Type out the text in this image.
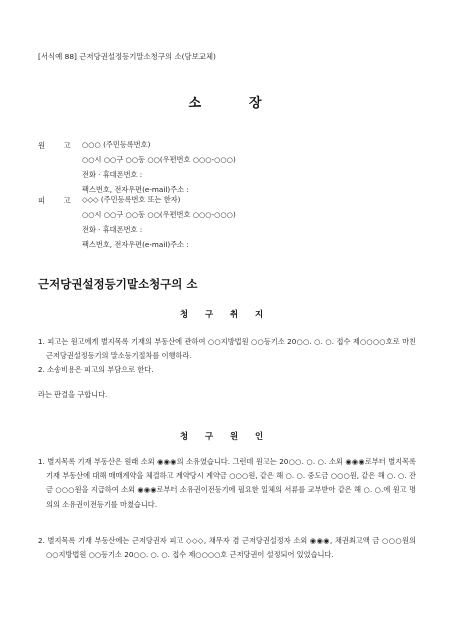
[서식예 88] 근저당권설정등기말소청구의 소(담보교체)
소	장
원 고 ○○○ (주민등록번호)
○○시 ○○구 ○○동 ○○(우편번호 ○○○-○○○)
전화 · 휴대폰번호 :
팩스번호, 전자우편(e-mail)주소 :
피 고 ◇◇◇ (주민등록번호 또는 한자)
○○시 ○○구 ○○동 ○○(우편번호 ○○○-○○○)
전화 · 휴대폰번호 :
팩스번호, 전자우편(e-mail)주소 :
근저당권설정등기말소청구의 소
청 구 취 지

1. 피고는 원고에게 별지목록 기재의 부동산에 관하여 ○○지방법원 ○○등기소 20○○. ○. ○. 접수 제○○○○호로 마친 근저당권설정등기의 말소등기절차를 이행하라.

2. 소송비용은 피고의 부담으로 한다.

라는 판결을 구합니다.
청 구 원 인

1. 별지목록 기재 부동산은 원래 소외 ◉◉◉의 소유였습니다. 그런데 원고는 20○○. ○. ○. 소외 ◉◉◉로부터 별지목록 기재 부동산에 대해 매매계약을 체결하고 계약당시 계약금 ○○○원, 같은 해 ○. ○. 중도금 ○○○원, 같은 해 ○. ○. 잔금 ○○○원을 지급하여 소외 ◉◉◉로부터 소유권이전등기에 필요한 일체의 서류를 교부받아 같은 해 ○. ○.에 원고 명의의 소유권이전등기를 마쳤습니다.

2. 별지목록 기재 부동산에는 근저당권자 피고 ◇◇◇, 채무자 겸 근저당권설정자 소외 ◉◉◉, 채권최고액 금 ○○○원의 ○○지방법원 ○○등기소 20○○. ○. ○. 접수 제○○○○호 근저당권이 설정되어 있었습니다.
